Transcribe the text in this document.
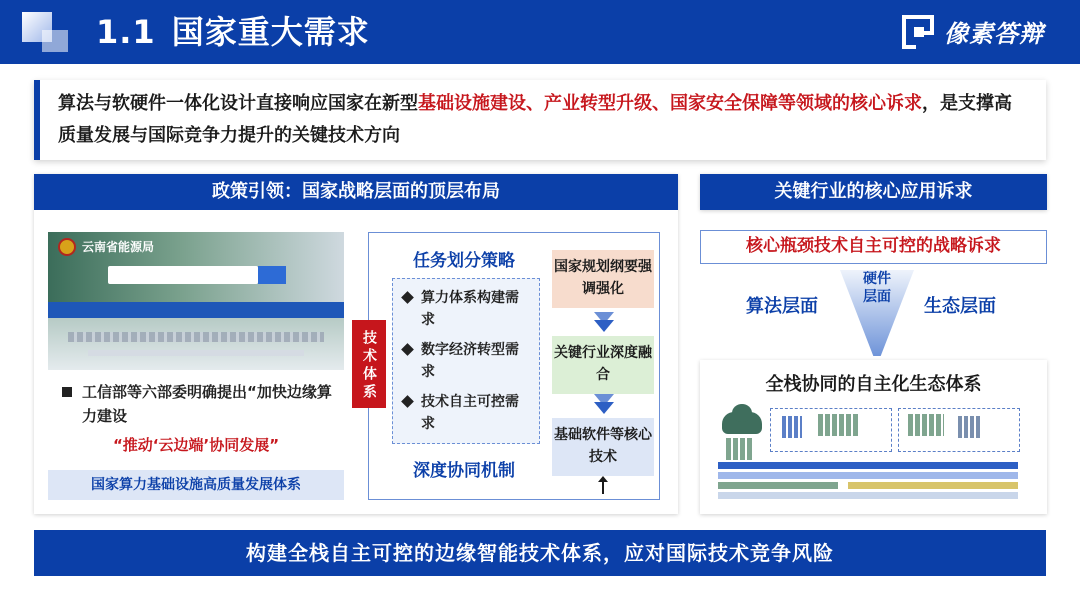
1.1 国家重大需求	像素答辩
算法与软硬件一体化设计直接响应国家在新型基础设施建设、产业转型升级、国家安全保障等领域的核心诉求，是支撑高质量发展与国际竞争力提升的关键技术方向
政策引领：国家战略层面的顶层布局
云南省能源局
工信部等六部委明确提出“加快边缘算力建设
“推动‘云边端’协同发展”
国家算力基础设施高质量发展体系
技术体系
任务划分策略
算力体系构建需求
数字经济转型需求
技术自主可控需求
深度协同机制
国家规划纲要强调强化
关键行业深度融合
基础软件等核心技术
关键行业的核心应用诉求
核心瓶颈技术自主可控的战略诉求
算法层面
硬件层面 生态层面
全栈协同的自主化生态体系
构建全栈自主可控的边缘智能技术体系，应对国际技术竞争风险
